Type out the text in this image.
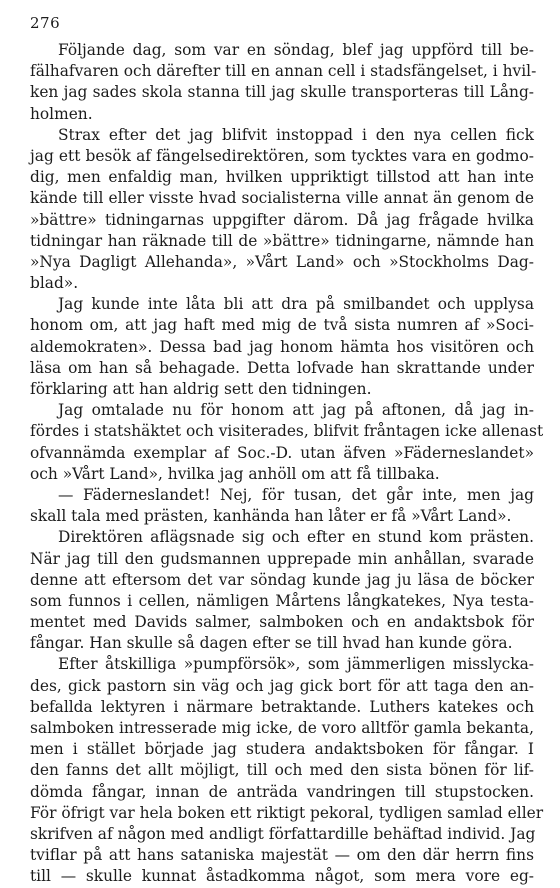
276
Följande dag, som var en söndag, blef jag uppförd till be-
fälhafvaren och därefter till en annan cell i stadsfängelset, i hvil-
ken jag sades skola stanna till jag skulle transporteras till Lång-
holmen.
Strax efter det jag blifvit instoppad i den nya cellen fick
jag ett besök af fängelsedirektören, som tycktes vara en godmo-
dig, men enfaldig man, hvilken uppriktigt tillstod att han inte
kände till eller visste hvad socialisterna ville annat än genom de
»bättre» tidningarnas uppgifter därom. Då jag frågade hvilka
tidningar han räknade till de »bättre» tidningarne, nämnde han
»Nya Dagligt Allehanda», »Vårt Land» och »Stockholms Dag-
blad».
Jag kunde inte låta bli att dra på smilbandet och upplysa
honom om, att jag haft med mig de två sista numren af »Soci-
aldemokraten». Dessa bad jag honom hämta hos visitören och
läsa om han så behagade. Detta lofvade han skrattande under
förklaring att han aldrig sett den tidningen.
Jag omtalade nu för honom att jag på aftonen, då jag in-
fördes i statshäktet och visiterades, blifvit fråntagen icke allenast
ofvannämda exemplar af Soc.-D. utan äfven »Fäderneslandet»
och »Vårt Land», hvilka jag anhöll om att få tillbaka.
— Fäderneslandet! Nej, för tusan, det går inte, men jag
skall tala med prästen, kanhända han låter er få »Vårt Land».
Direktören aflägsnade sig och efter en stund kom prästen.
När jag till den gudsmannen upprepade min anhållan, svarade
denne att eftersom det var söndag kunde jag ju läsa de böcker
som funnos i cellen, nämligen Mårtens långkatekes, Nya testa-
mentet med Davids salmer, salmboken och en andaktsbok för
fångar. Han skulle så dagen efter se till hvad han kunde göra.
Efter åtskilliga »pumpförsök», som jämmerligen misslycka-
des, gick pastorn sin väg och jag gick bort för att taga den an-
befallda lektyren i närmare betraktande. Luthers katekes och
salmboken intresserade mig icke, de voro alltför gamla bekanta,
men i stället började jag studera andaktsboken för fångar. I
den fanns det allt möjligt, till och med den sista bönen för lif-
dömda fångar, innan de anträda vandringen till stupstocken.
För öfrigt var hela boken ett riktigt pekoral, tydligen samlad eller
skrifven af någon med andligt författardille behäftad individ. Jag
tviflar på att hans sataniska majestät — om den där herrn fins
till — skulle kunnat åstadkomma något, som mera vore eg-
